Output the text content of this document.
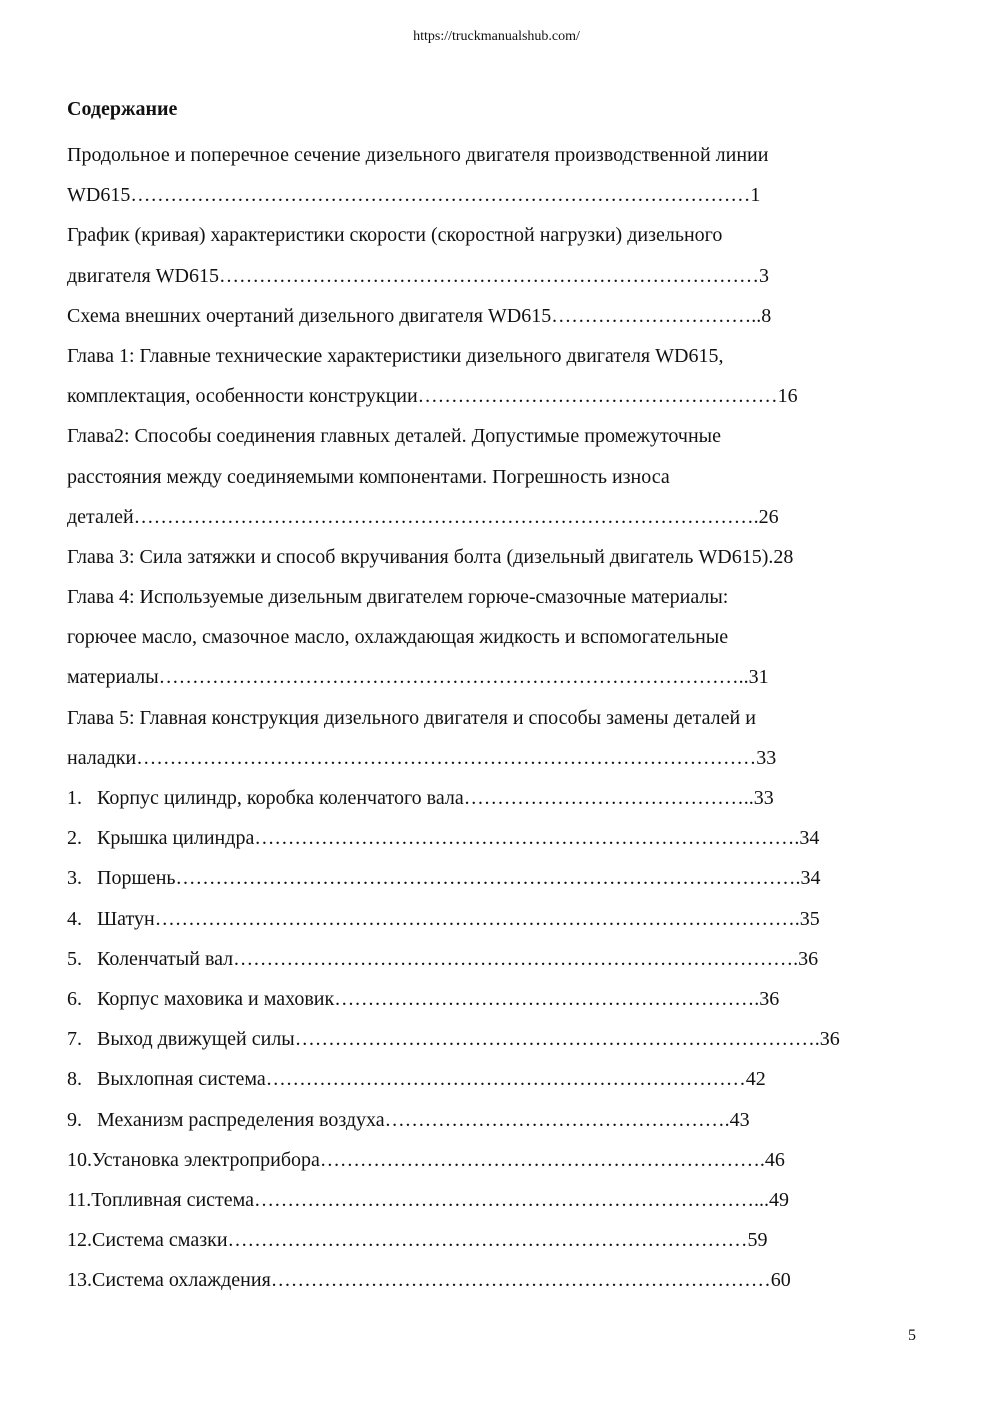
https://truckmanualshub.com/
Содержание
Продольное и поперечное сечение дизельного двигателя производственной линии
WD615…………………………………………………………………………………1
График (кривая) характеристики скорости (скоростной нагрузки) дизельного
двигателя WD615………………………………………………………………………3
Схема внешних очертаний дизельного двигателя WD615…………………………..8
Глава 1: Главные технические характеристики дизельного двигателя WD615,
комплектация, особенности конструкции………………………………………………16
Глава2: Способы соединения главных деталей. Допустимые промежуточные
расстояния между соединяемыми компонентами. Погрешность износа
деталей………………………………………………………………………………….26
Глава 3: Сила затяжки и способ вкручивания болта (дизельный двигатель WD615).28
Глава 4: Используемые дизельным двигателем горюче-смазочные материалы:
горючее масло, смазочное масло, охлаждающая жидкость и вспомогательные
материалы……………………………………………………………………………..31
Глава 5: Главная конструкция дизельного двигателя и способы замены деталей и
наладки…………………………………………………………………………………33
1. Корпус цилиндр, коробка коленчатого вала……………………………………..33
2. Крышка цилиндра……………………………………………………………………….34
3. Поршень………………………………………………………………………………….34
4. Шатун…………………………………………………………………………………….35
5. Коленчатый вал………………………………………………………………………….36
6. Корпус маховика и маховик……………………………………………………….36
7. Выход движущей силы…………………………………………………………………….36
8. Выхлопная система………………………………………………………………42
9. Механизм распределения воздуха…………………………………………….43
10.Установка электроприбора………………………………………………………….46
11.Топливная система…………………………………………………………………...49
12.Система смазки……………………………………………………………………59
13.Система охлаждения…………………………………………………………………60
5
